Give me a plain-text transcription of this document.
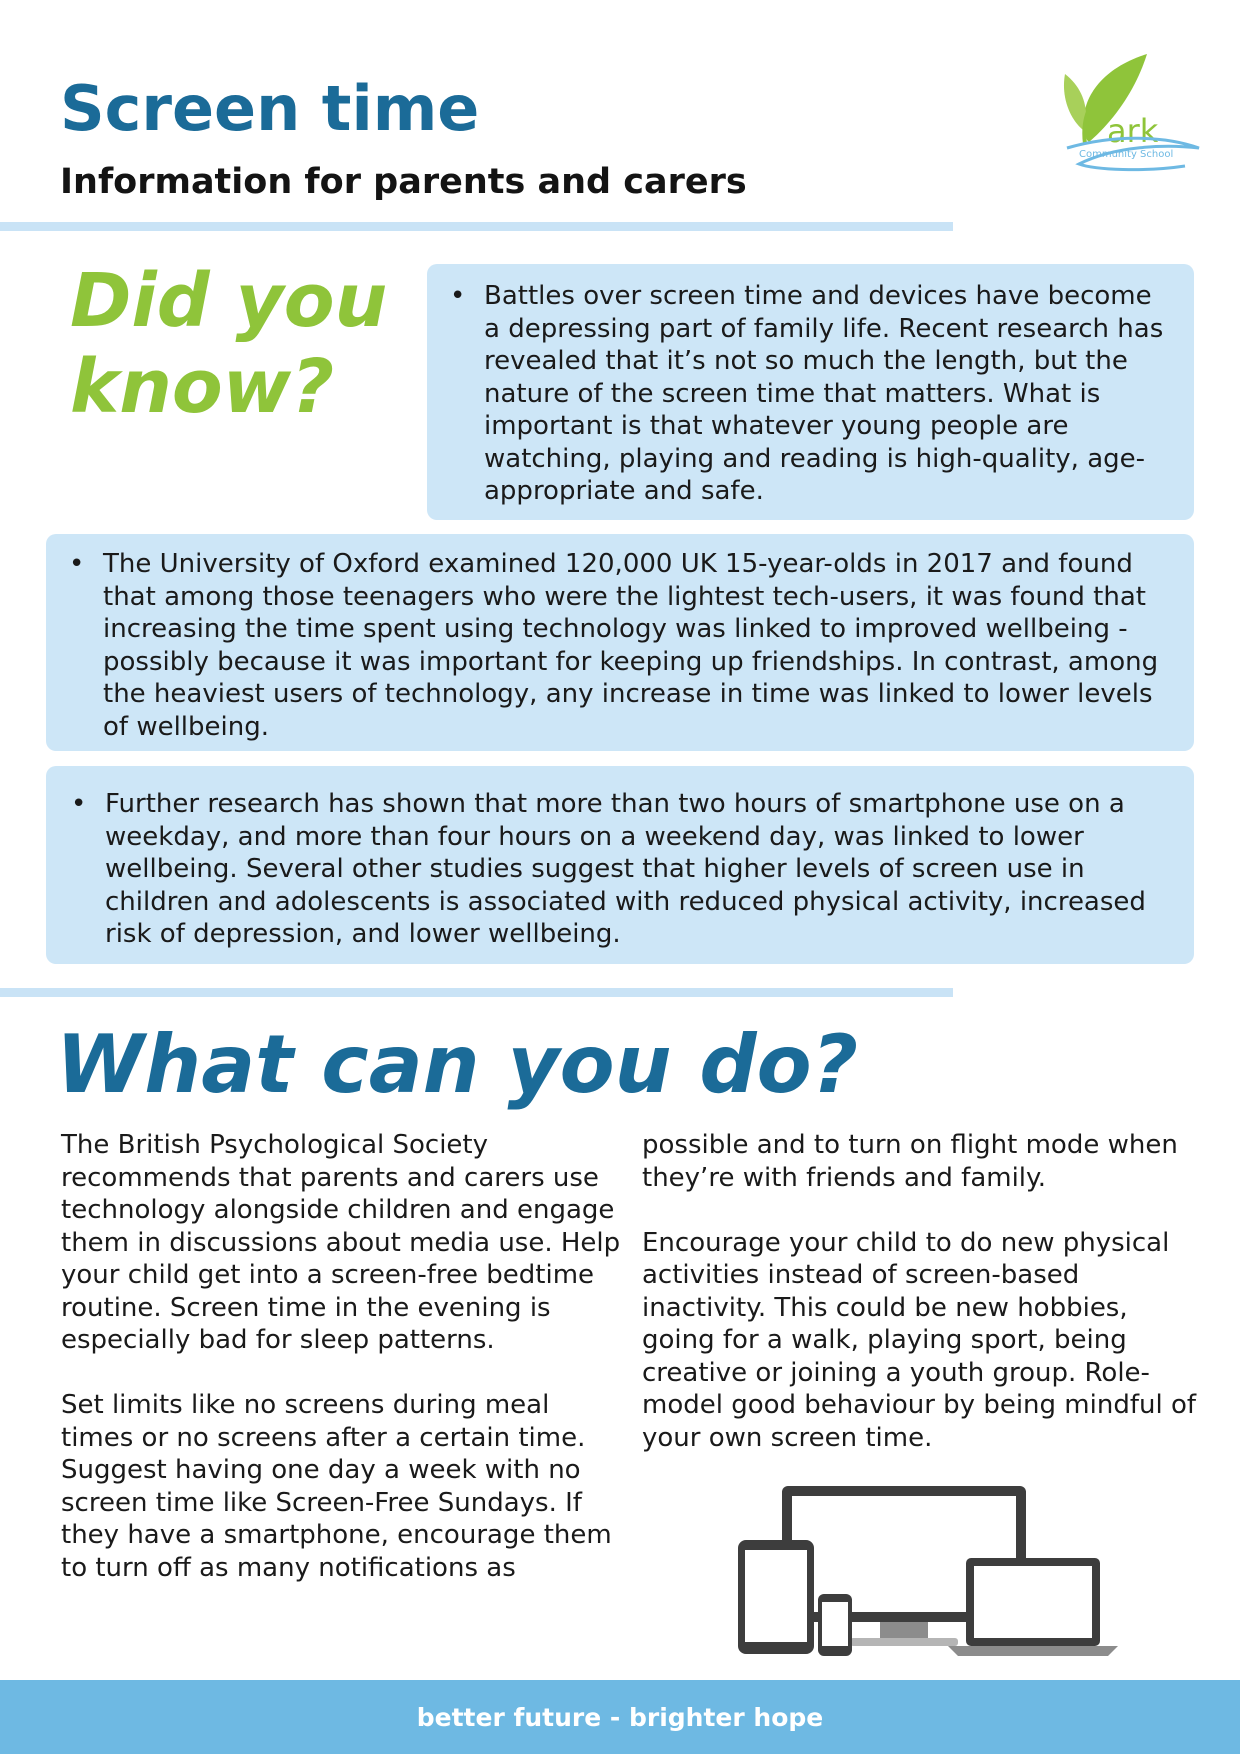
Screen time
Information for parents and carers
ark
Community School
Did you
know?
• Battles over screen time and devices have become a depressing part of family life. Recent research has revealed that it’s not so much the length, but the nature of the screen time that matters. What is important is that whatever young people are watching, playing and reading is high-quality, age-appropriate and safe.
• The University of Oxford examined 120,000 UK 15-year-olds in 2017 and found that among those teenagers who were the lightest tech-users, it was found that increasing the time spent using technology was linked to improved wellbeing - possibly because it was important for keeping up friendships. In contrast, among the heaviest users of technology, any increase in time was linked to lower levels of wellbeing.
• Further research has shown that more than two hours of smartphone use on a weekday, and more than four hours on a weekend day, was linked to lower wellbeing. Several other studies suggest that higher levels of screen use in children and adolescents is associated with reduced physical activity, increased risk of depression, and lower wellbeing.
What can you do?

The British Psychological Society recommends that parents and carers use technology alongside children and engage them in discussions about media use. Help your child get into a screen-free bedtime routine. Screen time in the evening is especially bad for sleep patterns.

Set limits like no screens during meal times or no screens after a certain time. Suggest having one day a week with no screen time like Screen-Free Sundays. If they have a smartphone, encourage them to turn off as many notifications as

possible and to turn on flight mode when they’re with friends and family.

Encourage your child to do new physical activities instead of screen-based inactivity. This could be new hobbies, going for a walk, playing sport, being creative or joining a youth group. Role-model good behaviour by being mindful of your own screen time.

better future - brighter hope
